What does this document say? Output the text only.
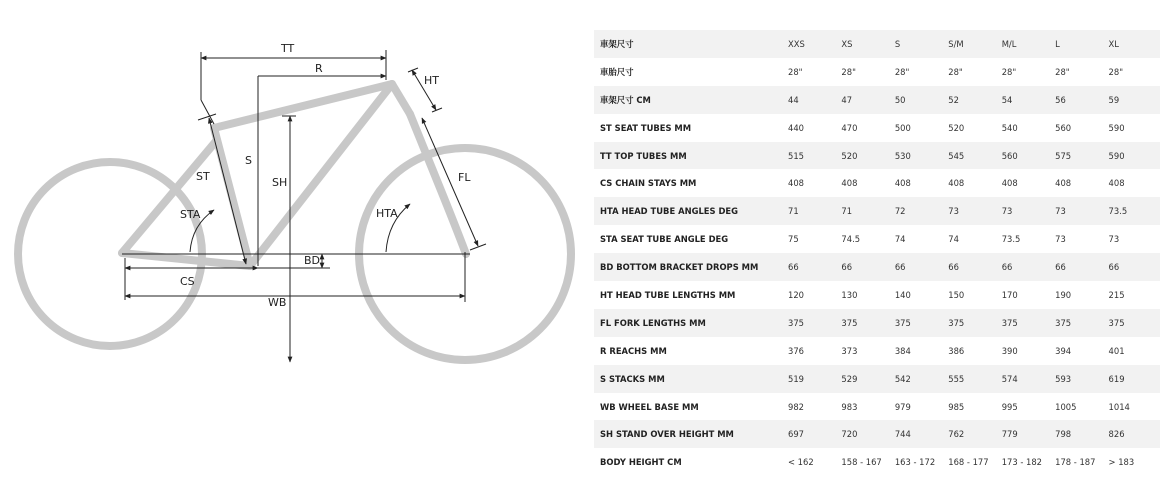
TT
R
HT
S
SH
ST
STA
FL
HTA
BD
CS
WB
車架尺寸	XXS	XS	S	S/M	M/L	L	XL
車胎尺寸	28"	28"	28"	28"	28"	28"	28"
車架尺寸 CM	44	47	50	52	54	56	59
ST SEAT TUBES MM	440	470	500	520	540	560	590
TT TOP TUBES MM	515	520	530	545	560	575	590
CS CHAIN STAYS MM	408	408	408	408	408	408	408
HTA HEAD TUBE ANGLES DEG	71	71	72	73	73	73	73.5
STA SEAT TUBE ANGLE DEG	75	74.5	74	74	73.5	73	73
BD BOTTOM BRACKET DROPS MM	66	66	66	66	66	66	66
HT HEAD TUBE LENGTHS MM	120	130	140	150	170	190	215
FL FORK LENGTHS MM	375	375	375	375	375	375	375
R REACHS MM	376	373	384	386	390	394	401
S STACKS MM	519	529	542	555	574	593	619
WB WHEEL BASE MM	982	983	979	985	995	1005	1014
SH STAND OVER HEIGHT MM	697	720	744	762	779	798	826
BODY HEIGHT CM	< 162	158 - 167	163 - 172	168 - 177	173 - 182	178 - 187	> 183
